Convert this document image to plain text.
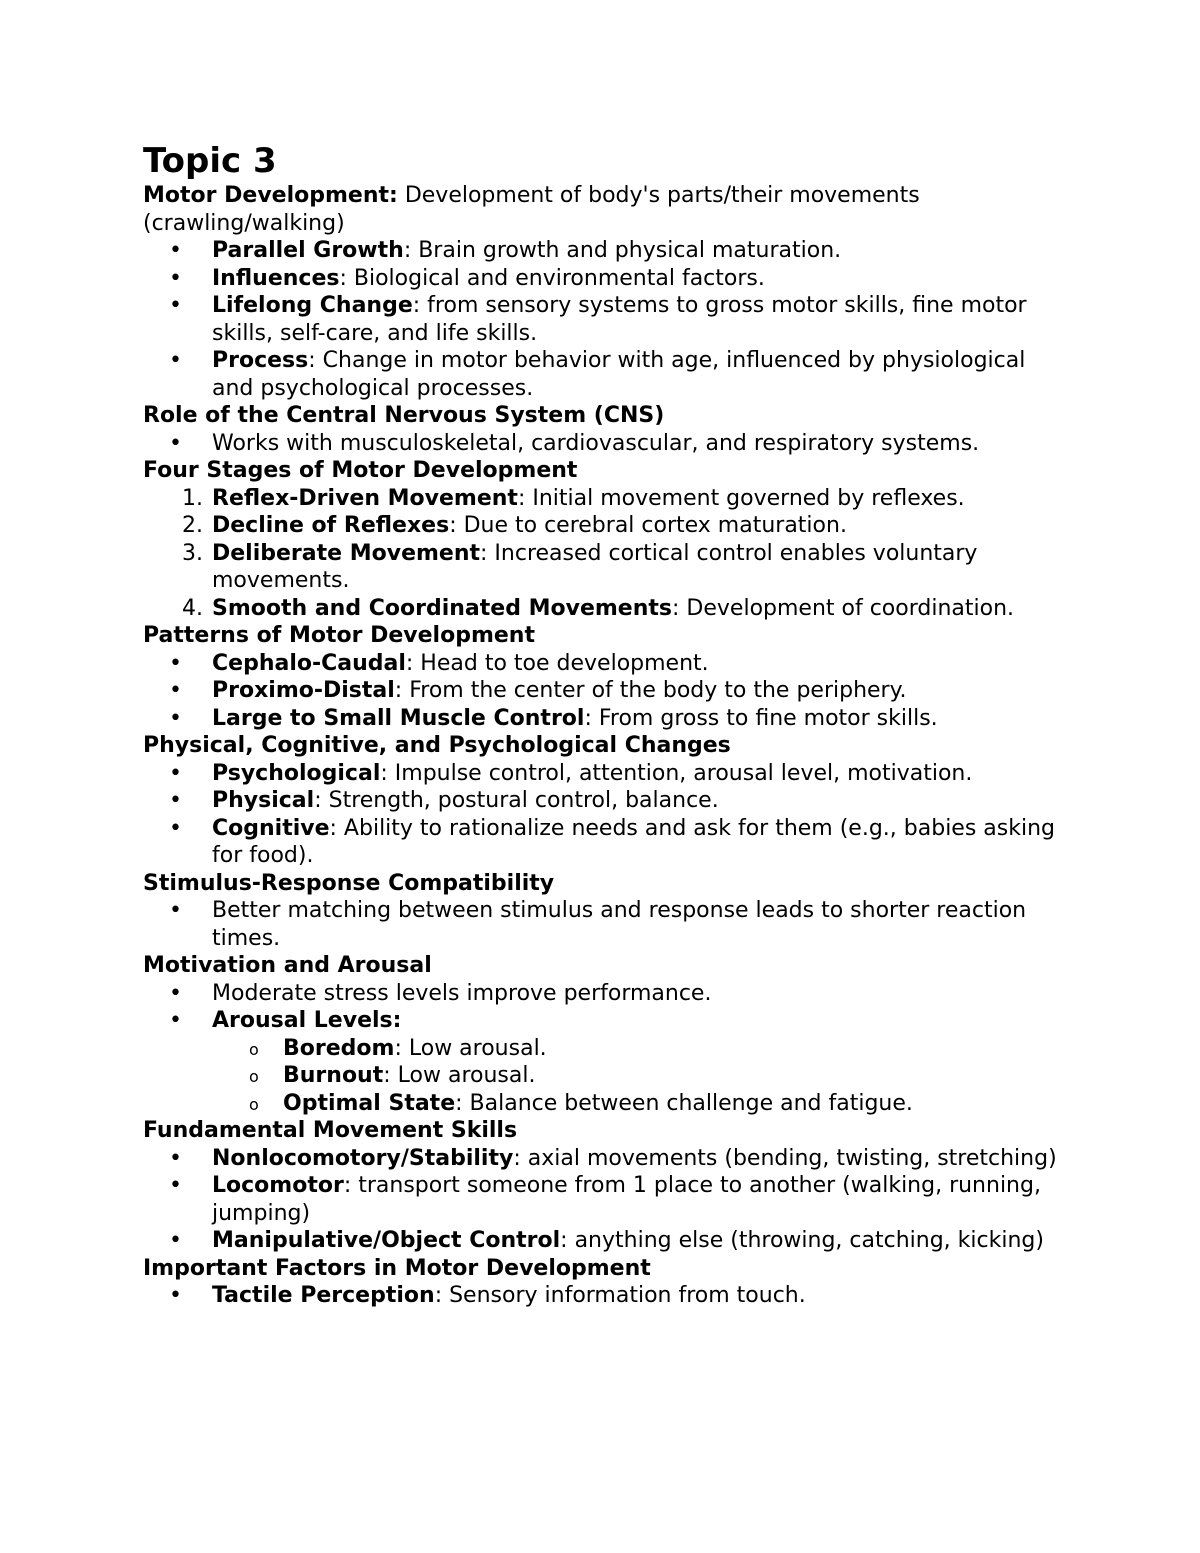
Topic 3

Motor Development: Development of body's parts/their movements (crawling/walking)

•	Parallel Growth: Brain growth and physical maturation.

•	Influences: Biological and environmental factors.

•	Lifelong Change: from sensory systems to gross motor skills, fine motor skills, self-care, and life skills.

•	Process: Change in motor behavior with age, influenced by physiological and psychological processes.

Role of the Central Nervous System (CNS)

•	Works with musculoskeletal, cardiovascular, and respiratory systems.

Four Stages of Motor Development

1. Reflex-Driven Movement: Initial movement governed by reflexes.

2. Decline of Reflexes: Due to cerebral cortex maturation.

3. Deliberate Movement: Increased cortical control enables voluntary movements.

4. Smooth and Coordinated Movements: Development of coordination.

Patterns of Motor Development

•	Cephalo-Caudal: Head to toe development.

•	Proximo-Distal: From the center of the body to the periphery.

•	Large to Small Muscle Control: From gross to fine motor skills.

Physical, Cognitive, and Psychological Changes

•	Psychological: Impulse control, attention, arousal level, motivation.

•	Physical: Strength, postural control, balance.

•	Cognitive: Ability to rationalize needs and ask for them (e.g., babies asking for food).

Stimulus-Response Compatibility

•	Better matching between stimulus and response leads to shorter reaction times.

Motivation and Arousal

•	Moderate stress levels improve performance.

•	Arousal Levels:

o Boredom: Low arousal.

o Burnout: Low arousal.

o Optimal State: Balance between challenge and fatigue.

Fundamental Movement Skills

•	Nonlocomotory/Stability: axial movements (bending, twisting, stretching)

•	Locomotor: transport someone from 1 place to another (walking, running, jumping)

•	Manipulative/Object Control: anything else (throwing, catching, kicking)

Important Factors in Motor Development

•	Tactile Perception: Sensory information from touch.
